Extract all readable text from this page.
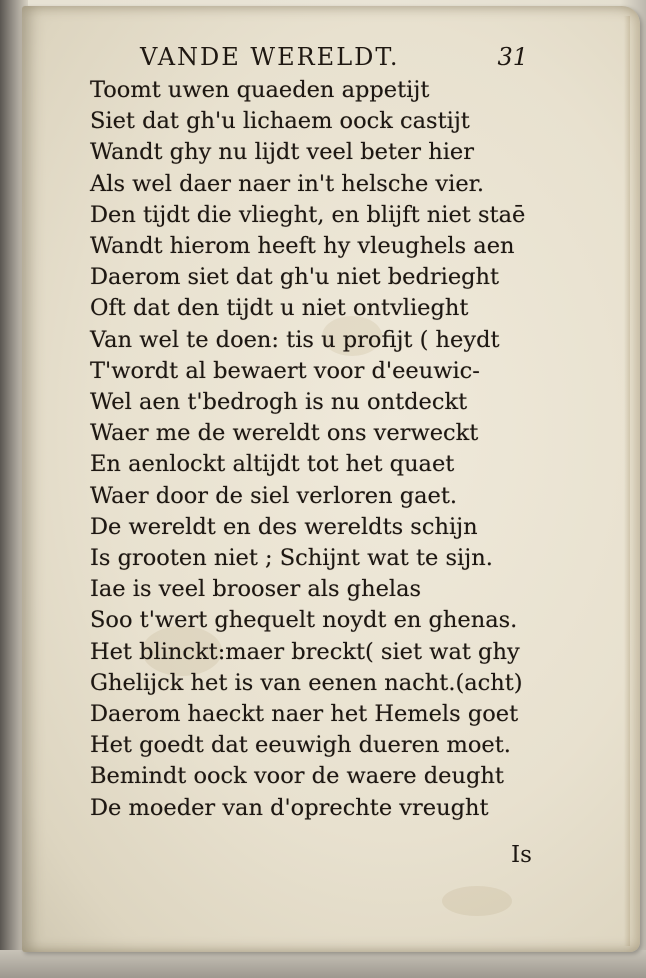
VANDE WERELDT.	31
Toomt uwen quaeden appetijt
Siet dat gh'u lichaem oock castijt
Wandt ghy nu lijdt veel beter hier
Als wel daer naer in't helsche vier.
Den tijdt die vlieght, en blijft niet staē
Wandt hierom heeft hy vleughels aen
Daerom siet dat gh'u niet bedrieght
Oft dat den tijdt u niet ontvlieght
Van wel te doen: tis u profijt ( heydt
T'wordt al bewaert voor d'eeuwic-
Wel aen t'bedrogh is nu ontdeckt
Waer me de wereldt ons verweckt
En aenlockt altijdt tot het quaet
Waer door de siel verloren gaet.
De wereldt en des wereldts schijn
Is grooten niet ; Schijnt wat te sijn.
Iae is veel brooser als ghelas
Soo t'wert ghequelt noydt en ghenas.
Het blinckt:maer breckt( siet wat ghy
Ghelijck het is van eenen nacht.(acht)
Daerom haeckt naer het Hemels goet
Het goedt dat eeuwigh dueren moet.
Bemindt oock voor de waere deught
De moeder van d'oprechte vreught
Is
